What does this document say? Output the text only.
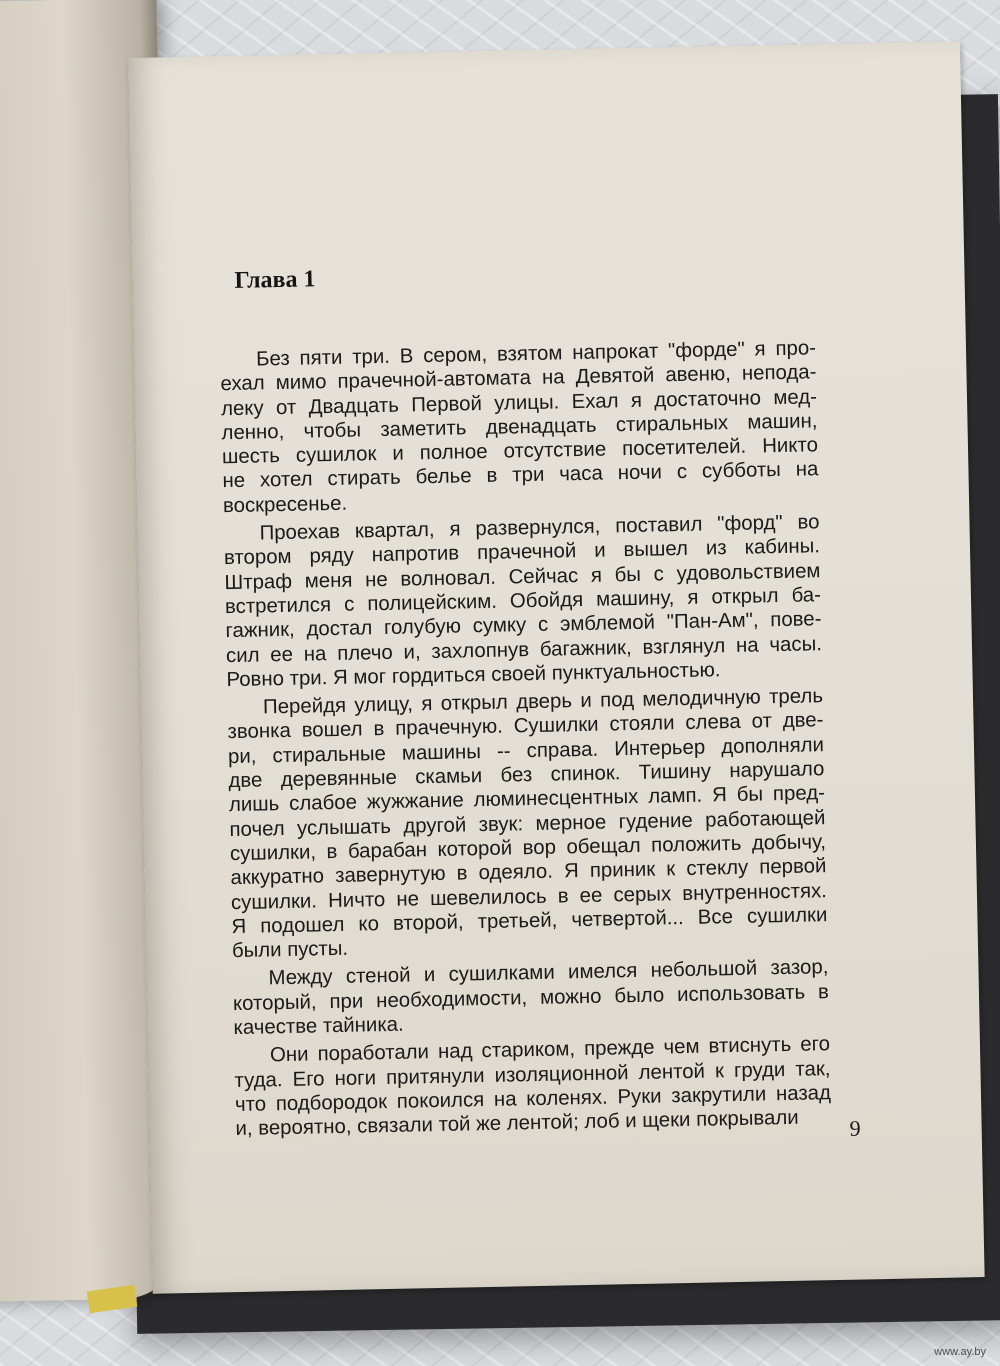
Глава 1
Без пяти три. В сером, взятом напрокат "форде" я про-
ехал мимо прачечной-автомата на Девятой авеню, непода-
леку от Двадцать Первой улицы. Ехал я достаточно мед-
ленно, чтобы заметить двенадцать стиральных машин,
шесть сушилок и полное отсутствие посетителей. Никто
не хотел стирать белье в три часа ночи с субботы на
воскресенье.
Проехав квартал, я развернулся, поставил "форд" во
втором ряду напротив прачечной и вышел из кабины.
Штраф меня не волновал. Сейчас я бы с удовольствием
встретился с полицейским. Обойдя машину, я открыл ба-
гажник, достал голубую сумку с эмблемой "Пан-Ам", пове-
сил ее на плечо и, захлопнув багажник, взглянул на часы.
Ровно три. Я мог гордиться своей пунктуальностью.
Перейдя улицу, я открыл дверь и под мелодичную трель
звонка вошел в прачечную. Сушилки стояли слева от две-
ри, стиральные машины -- справа. Интерьер дополняли
две деревянные скамьи без спинок. Тишину нарушало
лишь слабое жужжание люминесцентных ламп. Я бы пред-
почел услышать другой звук: мерное гудение работающей
сушилки, в барабан которой вор обещал положить добычу,
аккуратно завернутую в одеяло. Я приник к стеклу первой
сушилки. Ничто не шевелилось в ее серых внутренностях.
Я подошел ко второй, третьей, четвертой... Все сушилки
были пусты.
Между стеной и сушилками имелся небольшой зазор,
который, при необходимости, можно было использовать в
качестве тайника.
Они поработали над стариком, прежде чем втиснуть его
туда. Его ноги притянули изоляционной лентой к груди так,
что подбородок покоился на коленях. Руки закрутили назад
и, вероятно, связали той же лентой; лоб и щеки покрывали	9
www.ay.by
